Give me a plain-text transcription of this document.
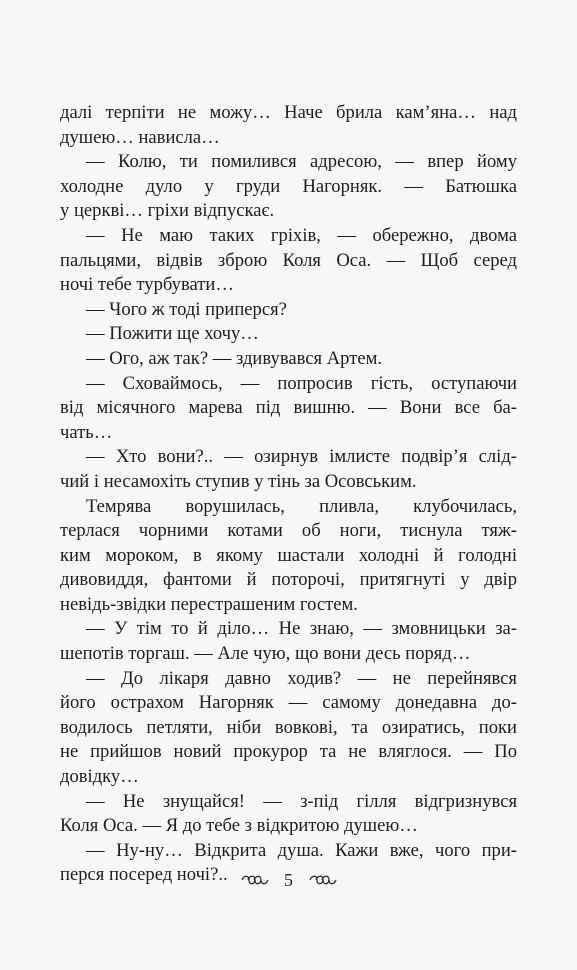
далі терпіти не можу… Наче брила кам’яна… над
душею… нависла…
— Колю, ти помилився адресою, — впер йому
холодне дуло у груди Нагорняк. — Батюшка
у церкві… гріхи відпускає.
— Не маю таких гріхів, — обережно, двома
пальцями, відвів зброю Коля Оса. — Щоб серед
ночі тебе турбувати…
— Чого ж тоді приперся?
— Пожити ще хочу…
— Ого, аж так? — здивувався Артем.
— Сховаймось, — попросив гість, оступаючи
від місячного марева під вишню. — Вони все ба-
чать…
— Хто вони?.. — озирнув імлисте подвір’я слід-
чий і несамохіть ступив у тінь за Осовським.
Темрява ворушилась, пливла, клубочилась,
терлася чорними котами об ноги, тиснула тяж-
ким мороком, в якому шастали холодні й голодні
дивовиддя, фантоми й поторочі, притягнуті у двір
невідь-звідки перестрашеним гостем.
— У тім то й діло… Не знаю, — змовницьки за-
шепотів торгаш. — Але чую, що вони десь поряд…
— До лікаря давно ходив? — не перейнявся
його острахом Нагорняк — самому донедавна до-
водилось петляти, ніби вовкові, та озиратись, поки
не прийшов новий прокурор та не вляглося. — По
довідку…
— Не знущайся! — з-під гілля відгризнувся
Коля Оса. — Я до тебе з відкритою душею…
— Ну-ну… Відкрита душа. Кажи вже, чого при-
перся посеред ночі?..	5
